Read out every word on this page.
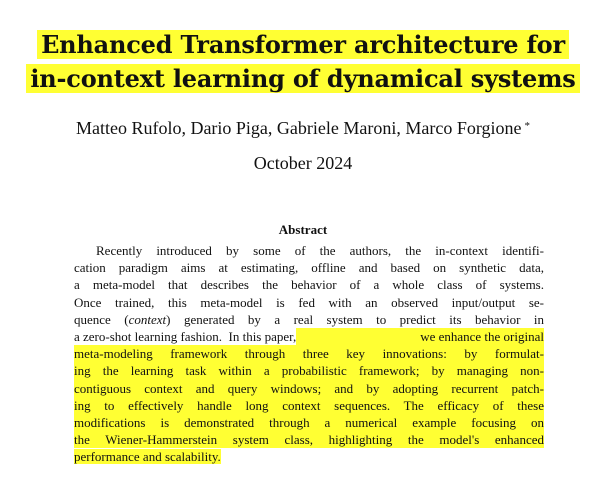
Enhanced Transformer architecture for
in-context learning of dynamical systems
Matteo Rufolo, Dario Piga, Gabriele Maroni, Marco Forgione *
October 2024
Abstract
Recently introduced by some of the authors, the in-context identifi-
cation paradigm aims at estimating, offline and based on synthetic data,
a meta-model that describes the behavior of a whole class of systems.
Once trained, this meta-model is fed with an observed input/output se-
quence (context) generated by a real system to predict its behavior in
a zero-shot learning fashion.  In this paper,	we enhance the original
meta-modeling framework through three key innovations: by formulat-
ing the learning task within a probabilistic framework; by managing non-
contiguous context and query windows; and by adopting recurrent patch-
ing to effectively handle long context sequences. The efficacy of these
modifications is demonstrated through a numerical example focusing on
the Wiener-Hammerstein system class, highlighting the model's enhanced
performance and scalability.
